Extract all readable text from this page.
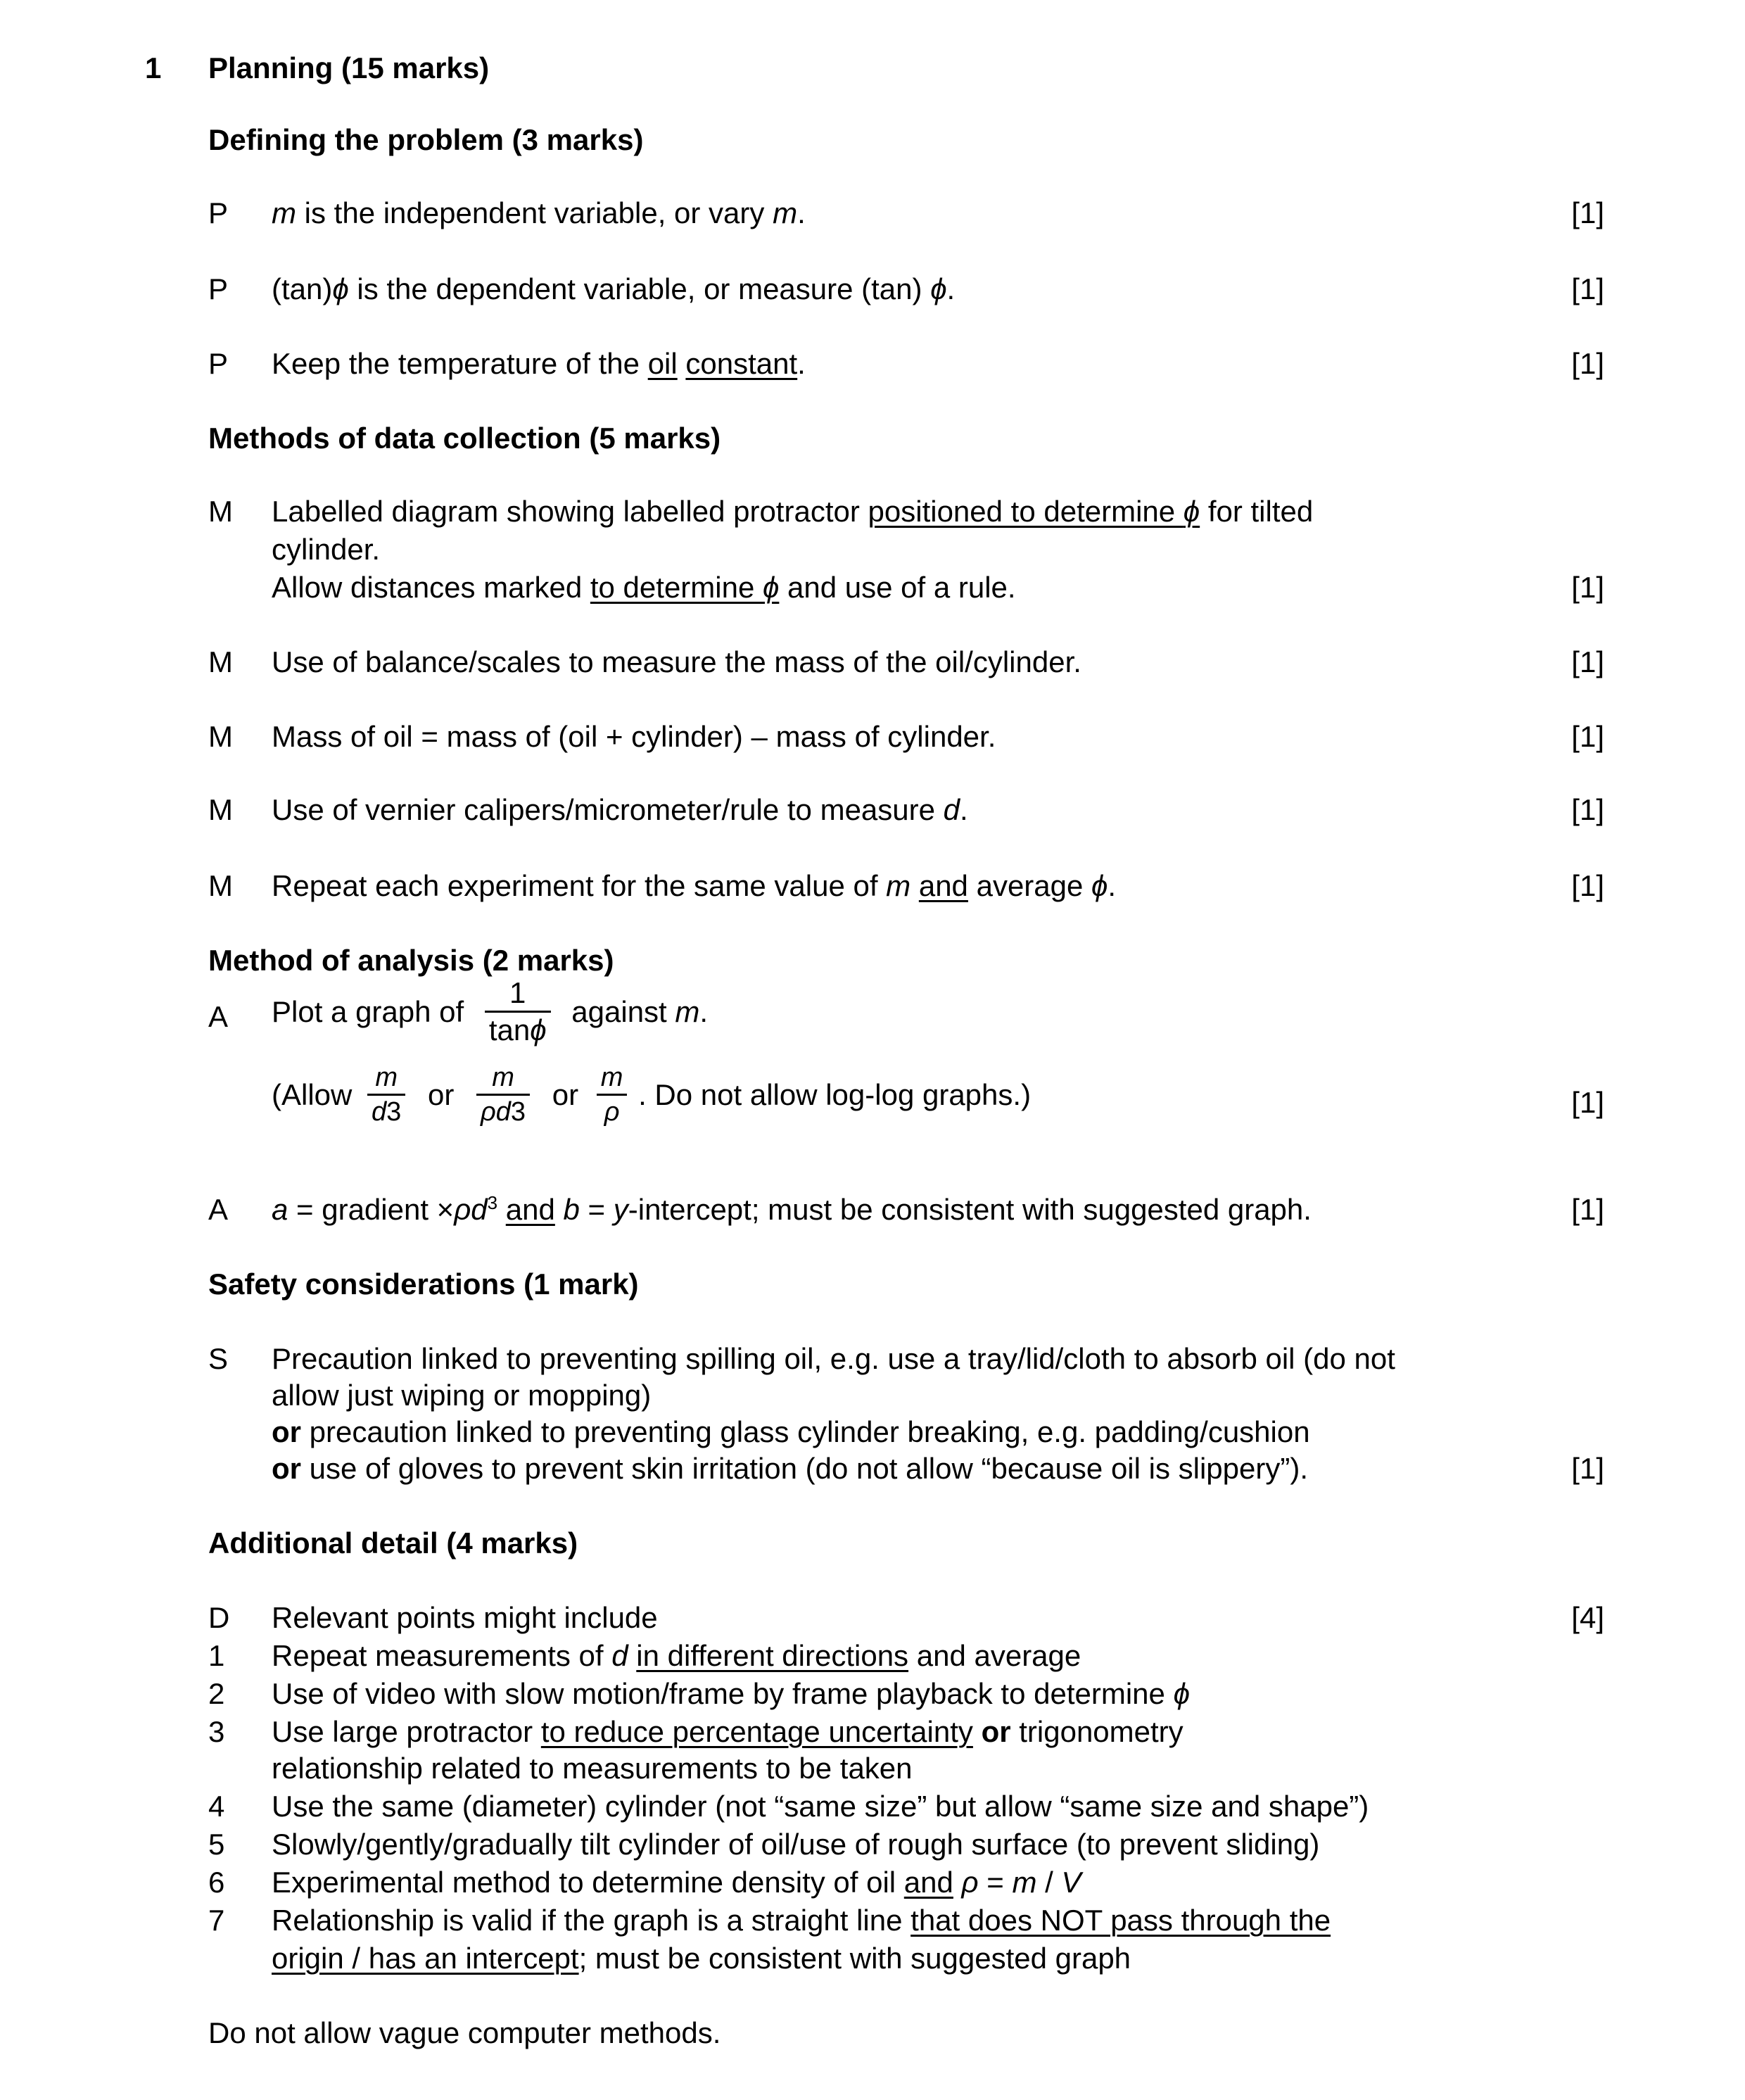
1 Planning (15 marks)
Defining the problem (3 marks)
P m is the independent variable, or vary m.	[1]
P (tan)ϕ is the dependent variable, or measure (tan) ϕ.	[1]
P Keep the temperature of the oil constant.	[1]
Methods of data collection (5 marks)
M Labelled diagram showing labelled protractor positioned to determine ϕ for tilted
cylinder.
Allow distances marked to determine ϕ and use of a rule.	[1]
M Use of balance/scales to measure the mass of the oil/cylinder.	[1]
M Mass of oil = mass of (oil + cylinder) – mass of cylinder.	[1]
M Use of vernier calipers/micrometer/rule to measure d.	[1]
M Repeat each experiment for the same value of m and average ϕ.	[1]
Method of analysis (2 marks)
A Plot a graph of $\frac{1}{\tan\phi}$ against m.
(Allow $\frac{m}{d3}$ or $\frac{m}{\rho d3}$ or $\frac{m}{\rho}$ . Do not allow log-log graphs.)	[1]
A a = gradient $\times\rho d^3$ and b = y-intercept; must be consistent with suggested graph.	[1]
Safety considerations (1 mark)
S Precaution linked to preventing spilling oil, e.g. use a tray/lid/cloth to absorb oil (do not
allow just wiping or mopping)
or precaution linked to preventing glass cylinder breaking, e.g. padding/cushion
or use of gloves to prevent skin irritation (do not allow “because oil is slippery”).	[1]
Additional detail (4 marks)
D Relevant points might include	[4]
1 Repeat measurements of d in different directions and average
2 Use of video with slow motion/frame by frame playback to determine ϕ
3 Use large protractor to reduce percentage uncertainty or trigonometry
relationship related to measurements to be taken
4 Use the same (diameter) cylinder (not “same size” but allow “same size and shape”)
5 Slowly/gently/gradually tilt cylinder of oil/use of rough surface (to prevent sliding)
6 Experimental method to determine density of oil and ρ = m / V
7 Relationship is valid if the graph is a straight line that does NOT pass through the
origin / has an intercept; must be consistent with suggested graph
Do not allow vague computer methods.
